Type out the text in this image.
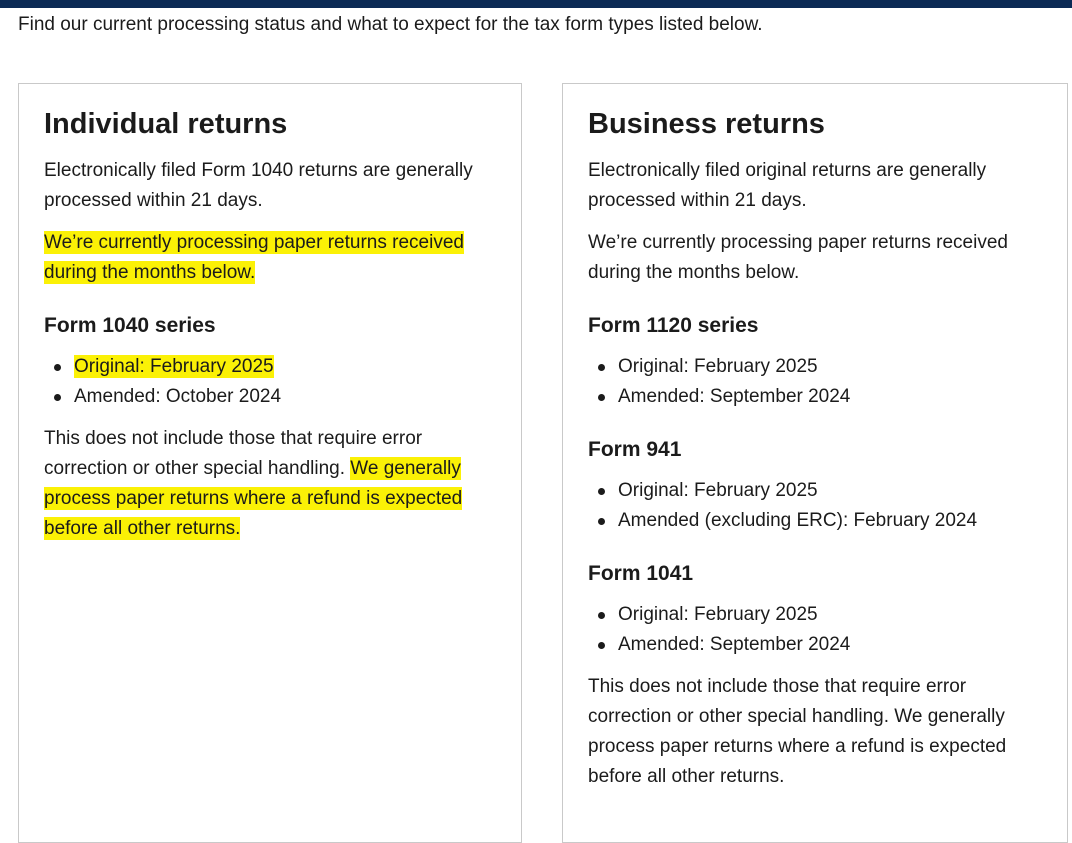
Find our current processing status and what to expect for the tax form types listed below.

Individual returns

Electronically filed Form 1040 returns are generally processed within 21 days.

We’re currently processing paper returns received during the months below.

Form 1040 series
Original: February 2025
Amended: October 2024

This does not include those that require error correction or other special handling. We generally process paper returns where a refund is expected before all other returns.

Business returns

Electronically filed original returns are generally processed within 21 days.

We’re currently processing paper returns received during the months below.

Form 1120 series
Original: February 2025
Amended: September 2024
Form 941
Original: February 2025
Amended (excluding ERC): February 2024
Form 1041
Original: February 2025
Amended: September 2024

This does not include those that require error correction or other special handling. We generally process paper returns where a refund is expected before all other returns.
